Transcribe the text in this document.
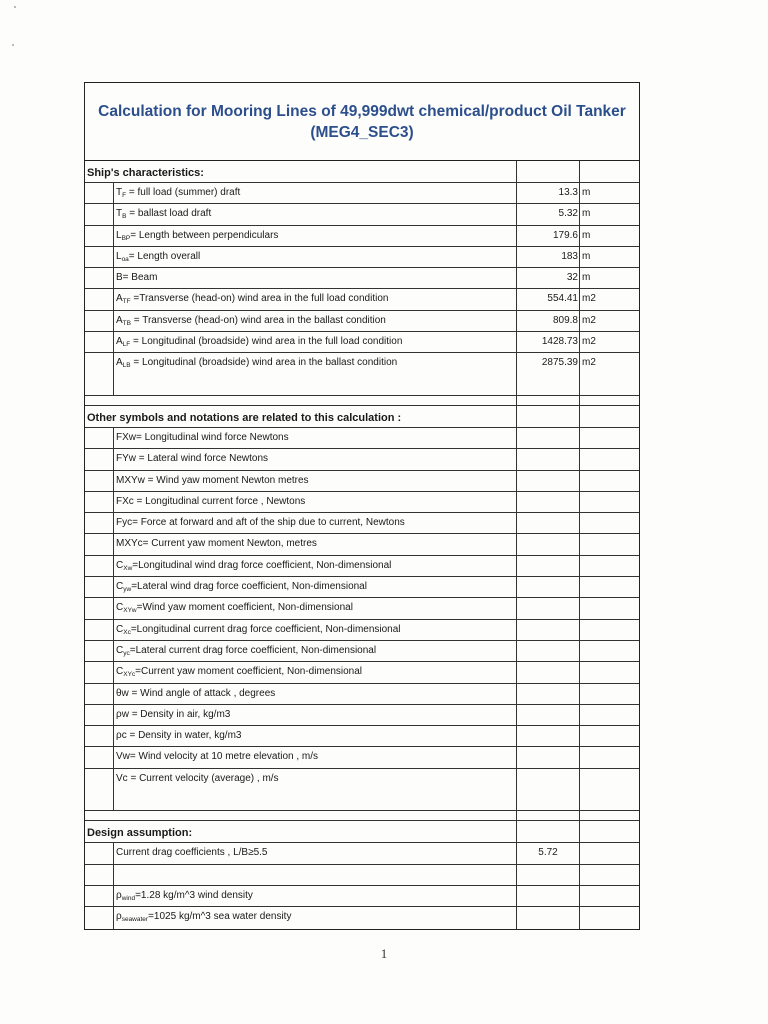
Calculation for Mooring Lines of 49,999dwt chemical/product Oil Tanker
(MEG4_SEC3)
Ship's characteristics:
$T_F$ = full load (summer) draft	13.3 m
$T_B$ = ballast load draft	5.32 m
$L_{BP}=$ Length between perpendiculars	179.6 m
$L_{oa}=$ Length overall	183 m
B= Beam	32 m
$A_{TF}$ =Transverse (head-on) wind area in the full load condition	554.41 m2
$A_{TB}$ = Transverse (head-on) wind area in the ballast condition	809.8 m2
$A_{LF}$ = Longitudinal (broadside) wind area in the full load condition	1428.73 m2
$A_{LB}$ = Longitudinal (broadside) wind area in the ballast condition	2875.39 m2
Other symbols and notations are related to this calculation :
FXw= Longitudinal wind force Newtons
FYw = Lateral wind force Newtons
MXYw = Wind yaw moment Newton metres
FXc = Longitudinal current force , Newtons
Fyc= Force at forward and aft of the ship due to current, Newtons
MXYc= Current yaw moment Newton, metres
$C_{Xw}=Longitudinal$ wind drag force coefficient, Non-dimensional
$C_{yw}=Lateral$ wind drag force coefficient, Non-dimensional
$C_{XYw}=Wind$ yaw moment coefficient, Non-dimensional
$C_{Xc}=Longitudinal$ current drag force coefficient, Non-dimensional
$C_{yc}=Lateral$ current drag force coefficient, Non-dimensional
$C_{XYc}=Current$ yaw moment coefficient, Non-dimensional
θw = Wind angle of attack , degrees
ρw = Density in air, kg/m3
ρc = Density in water, kg/m3
Vw= Wind velocity at 10 metre elevation , m/s
Vc = Current velocity (average) , m/s
Design assumption:
Current drag coefficients , L/B≥5.5	5.72
$\rho_{wind}=1.28$ kg/m^3 wind density
$\rho_{seawater}=1025$ kg/m^3 sea water density
1
